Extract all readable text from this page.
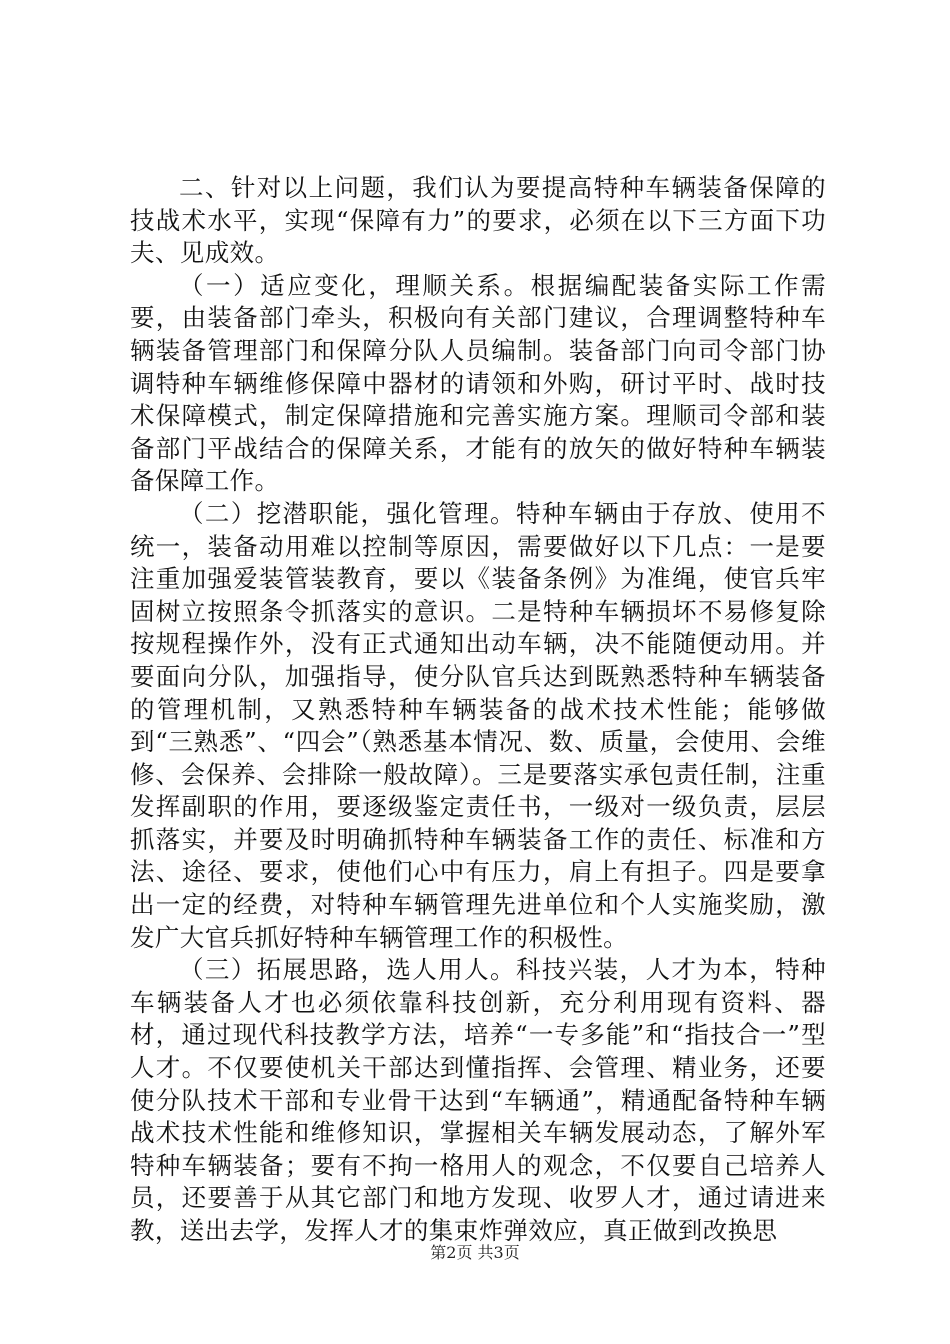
二、针对以上问题，我们认为要提高特种车辆装备保障的技战术水平，实现“保障有力”的要求，必须在以下三方面下功夫、见成效。

（一）适应变化，理顺关系。根据编配装备实际工作需要，由装备部门牵头，积极向有关部门建议，合理调整特种车辆装备管理部门和保障分队人员编制。装备部门向司令部门协调特种车辆维修保障中器材的请领和外购，研讨平时、战时技术保障模式，制定保障措施和完善实施方案。理顺司令部和装备部门平战结合的保障关系，才能有的放矢的做好特种车辆装备保障工作。

（二）挖潜职能，强化管理。特种车辆由于存放、使用不统一，装备动用难以控制等原因，需要做好以下几点：一是要注重加强爱装管装教育，要以《装备条例》为准绳，使官兵牢固树立按照条令抓落实的意识。二是特种车辆损坏不易修复除按规程操作外，没有正式通知出动车辆，决不能随便动用。并要面向分队，加强指导，使分队官兵达到既熟悉特种车辆装备的管理机制，又熟悉特种车辆装备的战术技术性能；能够做到“三熟悉”、“四会”（熟悉基本情况、数、质量，会使用、会维修、会保养、会排除一般故障）。三是要落实承包责任制，注重发挥副职的作用，要逐级鉴定责任书，一级对一级负责，层层抓落实，并要及时明确抓特种车辆装备工作的责任、标准和方法、途径、要求，使他们心中有压力，肩上有担子。四是要拿出一定的经费，对特种车辆管理先进单位和个人实施奖励，激发广大官兵抓好特种车辆管理工作的积极性。

（三）拓展思路，选人用人。科技兴装，人才为本，特种车辆装备人才也必须依靠科技创新，充分利用现有资料、器材，通过现代科技教学方法，培养“一专多能”和“指技合一”型人才。不仅要使机关干部达到懂指挥、会管理、精业务，还要使分队技术干部和专业骨干达到“车辆通”，精通配备特种车辆战术技术性能和维修知识，掌握相关车辆发展动态，了解外军特种车辆装备；要有不拘一格用人的观念，不仅要自己培养人员，还要善于从其它部门和地方发现、收罗人才，通过请进来教，送出去学，发挥人才的集束炸弹效应，真正做到改换思

第2页 共3页
